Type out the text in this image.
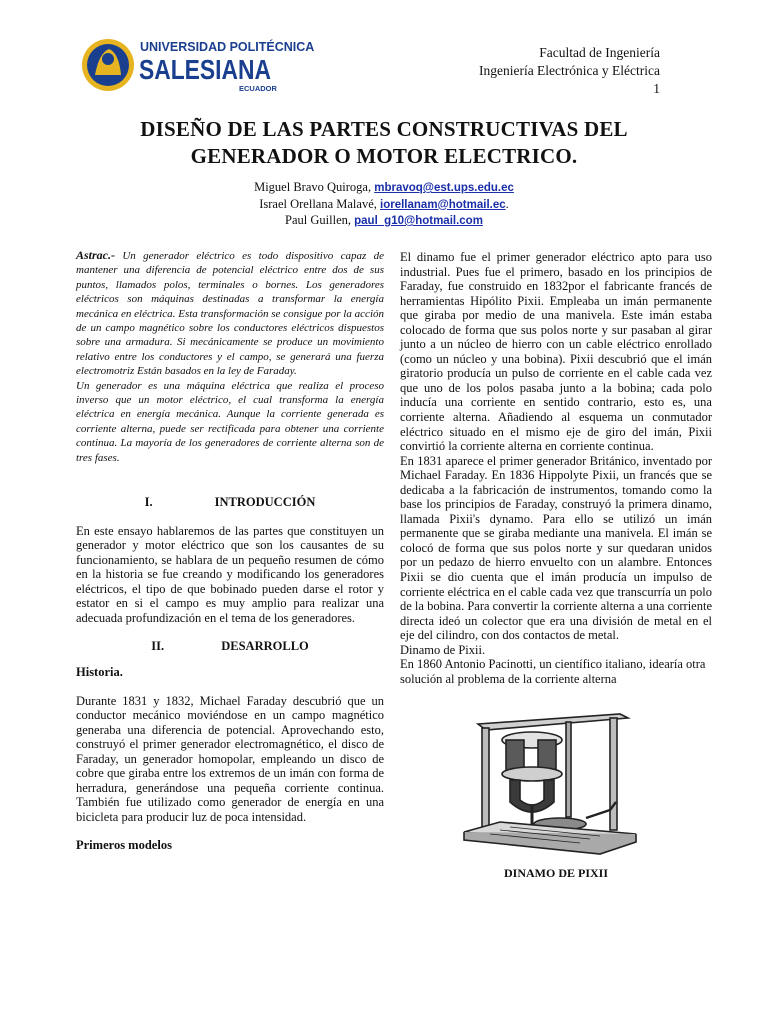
UNIVERSIDAD POLITÉCNICA
SALESIANA
ECUADOR
Facultad de Ingeniería
Ingeniería Electrónica y Eléctrica
1
DISEÑO DE LAS PARTES CONSTRUCTIVAS DEL
GENERADOR O MOTOR ELECTRICO.
Miguel Bravo Quiroga, mbravoq@est.ups.edu.ec
Israel Orellana Malavé, iorellanam@hotmail.ec.
Paul Guillen, paul_g10@hotmail.com

Astrac.- Un generador eléctrico es todo dispositivo capaz de mantener una diferencia de potencial eléctrico entre dos de sus puntos, llamados polos, terminales o bornes. Los generadores eléctricos son máquinas destinadas a transformar la energía mecánica en eléctrica. Esta transformación se consigue por la acción de un campo magnético sobre los conductores eléctricos dispuestos sobre una armadura. Si mecánicamente se produce un movimiento relativo entre los conductores y el campo, se generará una fuerza electromotriz Están basados en la ley de Faraday.

Un generador es una máquina eléctrica que realiza el proceso inverso que un motor eléctrico, el cual transforma la energía eléctrica en energía mecánica. Aunque la corriente generada es corriente alterna, puede ser rectificada para obtener una corriente continua. La mayoría de los generadores de corriente alterna son de tres fases.

I.	INTRODUCCIÓN

En este ensayo hablaremos de las partes que constituyen un generador y motor eléctrico que son los causantes de su funcionamiento, se hablara de un pequeño resumen de cómo en la historia se fue creando y modificando los generadores eléctricos, el tipo de que bobinado pueden darse el rotor y estator en si el campo es muy amplio para realizar una adecuada profundización en el tema de los generadores.

II.	DESARROLLO

Historia.

Durante 1831 y 1832, Michael Faraday descubrió que un conductor mecánico moviéndose en un campo magnético generaba una diferencia de potencial. Aprovechando esto, construyó el primer generador electromagnético, el disco de Faraday, un generador homopolar, empleando un disco de cobre que giraba entre los extremos de un imán con forma de herradura, generándose una pequeña corriente continua. También fue utilizado como generador de energía en una bicicleta para producir luz de poca intensidad.

Primeros modelos

El dinamo fue el primer generador eléctrico apto para uso industrial. Pues fue el primero, basado en los principios de Faraday, fue construido en 1832por el fabricante francés de herramientas Hipólito Pixii. Empleaba un imán permanente que giraba por medio de una manivela. Este imán estaba colocado de forma que sus polos norte y sur pasaban al girar junto a un núcleo de hierro con un cable eléctrico enrollado (como un núcleo y una bobina). Pixii descubrió que el imán giratorio producía un pulso de corriente en el cable cada vez que uno de los polos pasaba junto a la bobina; cada polo inducía una corriente en sentido contrario, esto es, una corriente alterna. Añadiendo al esquema un conmutador eléctrico situado en el mismo eje de giro del imán, Pixii convirtió la corriente alterna en corriente continua.

En 1831 aparece el primer generador Británico, inventado por Michael Faraday. En 1836 Hippolyte Pixii, un francés que se dedicaba a la fabricación de instrumentos, tomando como la base los principios de Faraday, construyó la primera dinamo, llamada Pixii's dynamo. Para ello se utilizó un imán permanente que se giraba mediante una manivela. El imán se colocó de forma que sus polos norte y sur quedaran unidos por un pedazo de hierro envuelto con un alambre. Entonces Pixii se dio cuenta que el imán producía un impulso de corriente eléctrica en el cable cada vez que transcurría un polo de la bobina. Para convertir la corriente alterna a una corriente directa ideó un colector que era una división de metal en el eje del cilindro, con dos contactos de metal.

Dinamo de Pixii.

En 1860 Antonio Pacinotti, un científico italiano, idearía otra solución al problema de la corriente alterna

DINAMO DE PIXII
